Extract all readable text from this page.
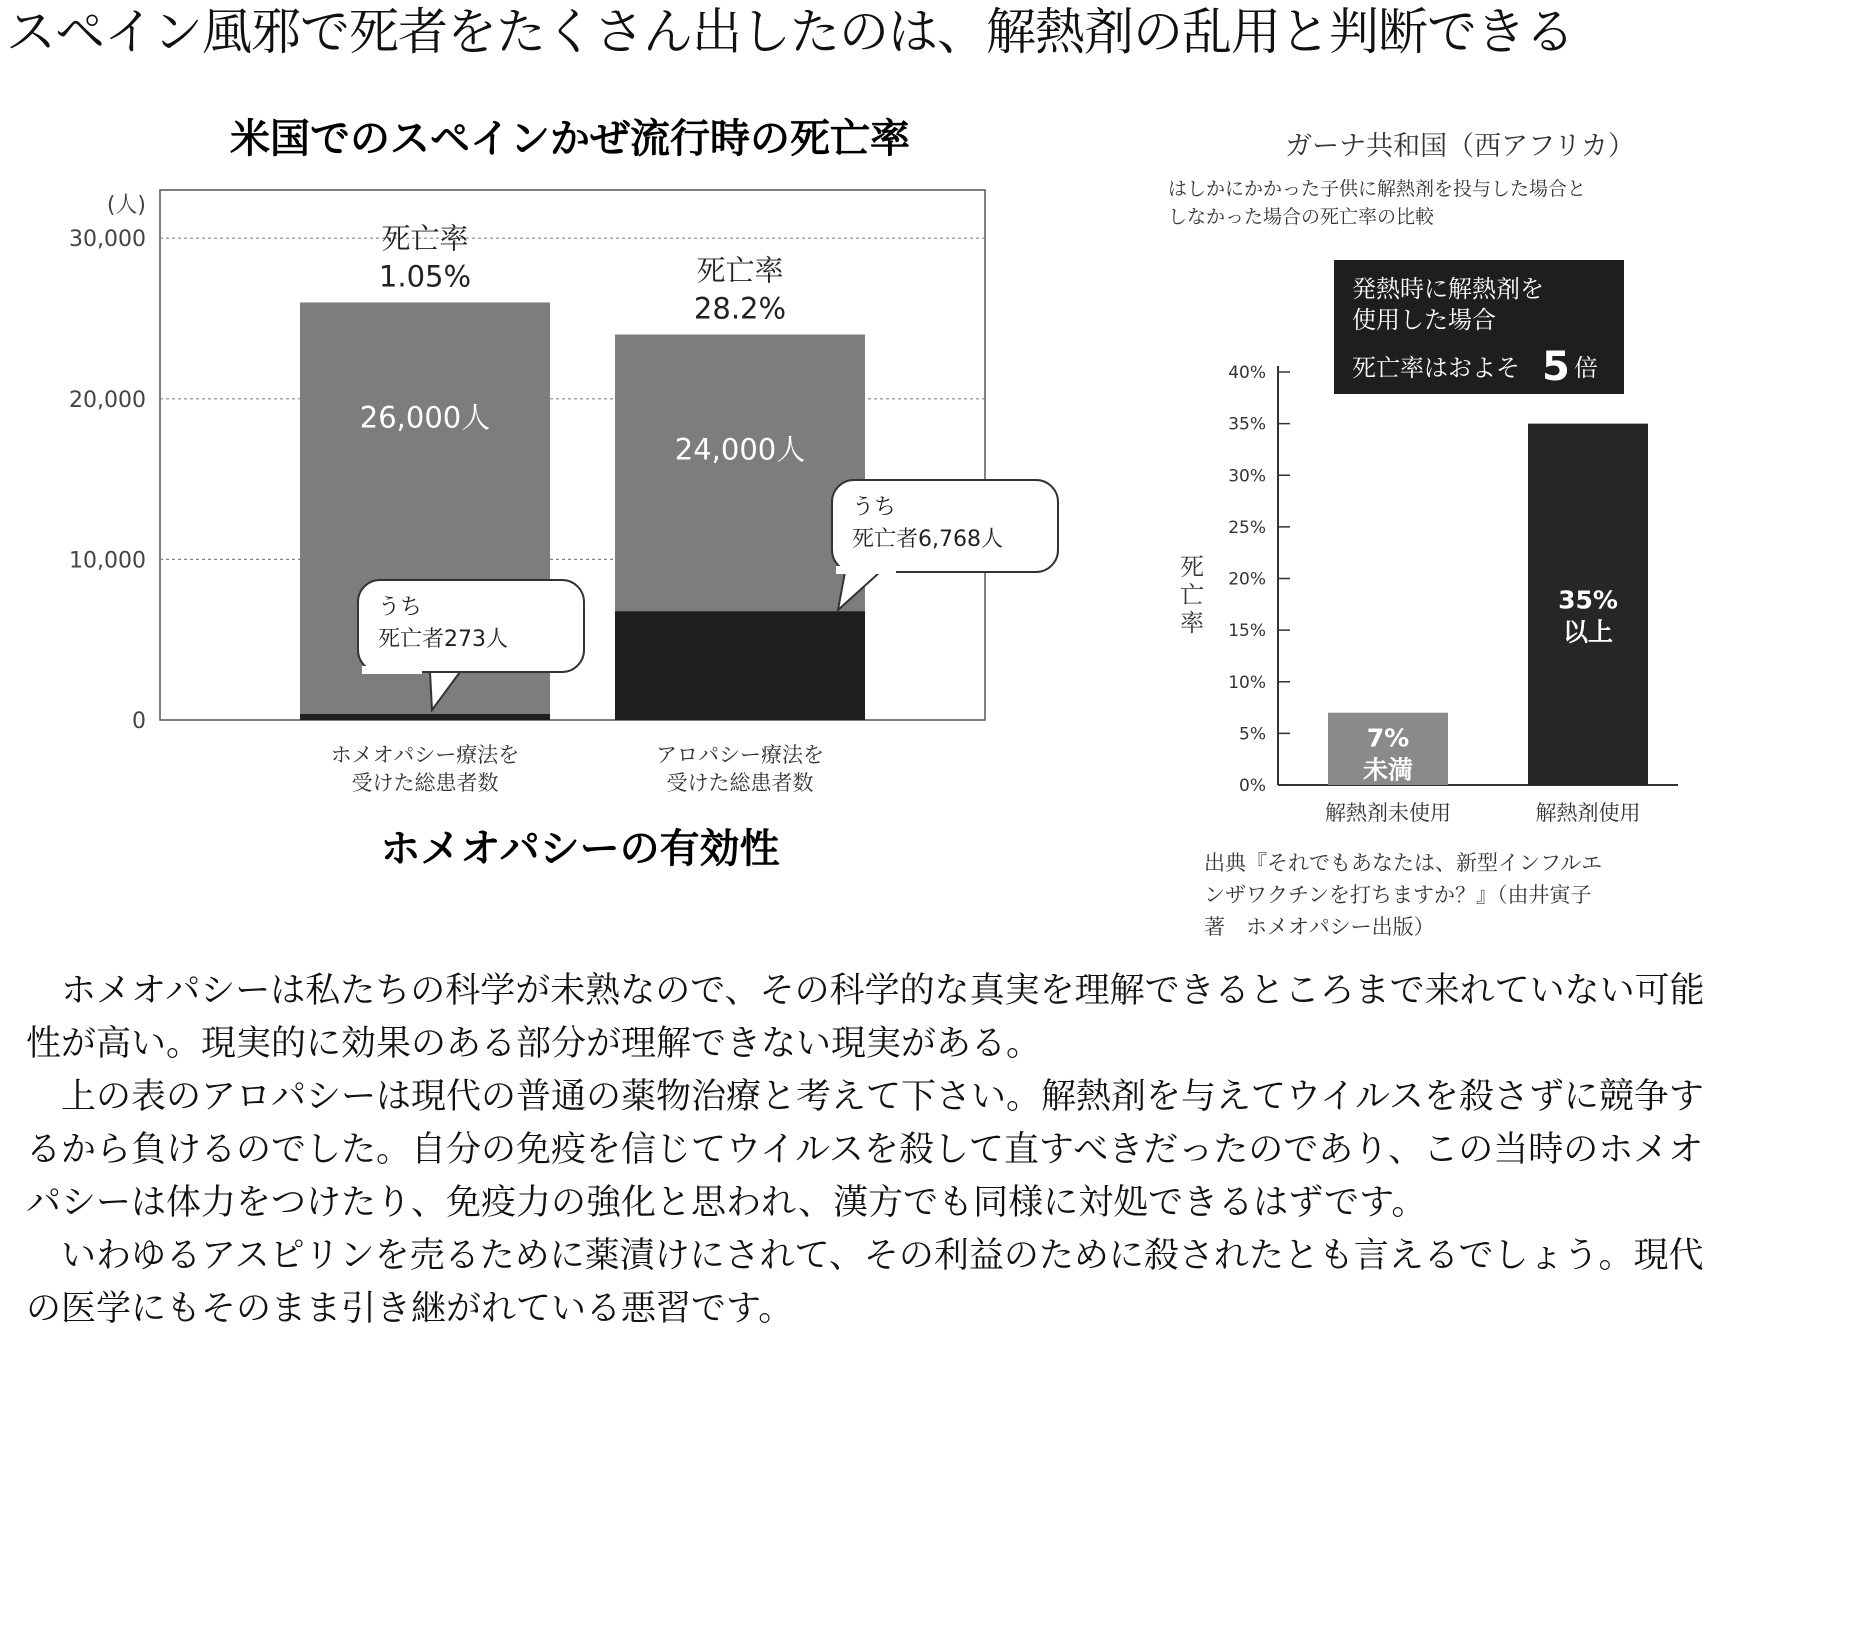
スペイン風邪で死者をたくさん出したのは、解熱剤の乱用と判断できる
米国でのスペインかぜ流行時の死亡率
(人)
0
10,000
20,000
30,000
26,000人
死亡率
1.05%
ホメオパシー療法を
受けた総患者数
24,000人
死亡率
28.2%
アロパシー療法を
受けた総患者数
うち
死亡者273人
うち
死亡者6,768人
ホメオパシーの有効性
ガーナ共和国（西アフリカ）
はしかにかかった子供に解熱剤を投与した場合と
しなかった場合の死亡率の比較
0%
5%
10%
15%
20%
25%
30%
35%
40%
死
亡
率
解熱剤未使用
7%
未満
解熱剤使用
35%
以上
発熱時に解熱剤を
使用した場合
死亡率はおよそ 5 倍
出典『それでもあなたは、新型インフルエ
ンザワクチンを打ちますか？』（由井寅子
著　ホメオパシー出版）

　ホメオパシーは私たちの科学が未熟なので、その科学的な真実を理解できるところまで来れていない可能性が高い。現実的に効果のある部分が理解できない現実がある。

　上の表のアロパシーは現代の普通の薬物治療と考えて下さい。解熱剤を与えてウイルスを殺さずに競争するから負けるのでした。自分の免疫を信じてウイルスを殺して直すべきだったのであり、この当時のホメオパシーは体力をつけたり、免疫力の強化と思われ、漢方でも同様に対処できるはずです。

　いわゆるアスピリンを売るために薬漬けにされて、その利益のために殺されたとも言えるでしょう。現代の医学にもそのまま引き継がれている悪習です。
